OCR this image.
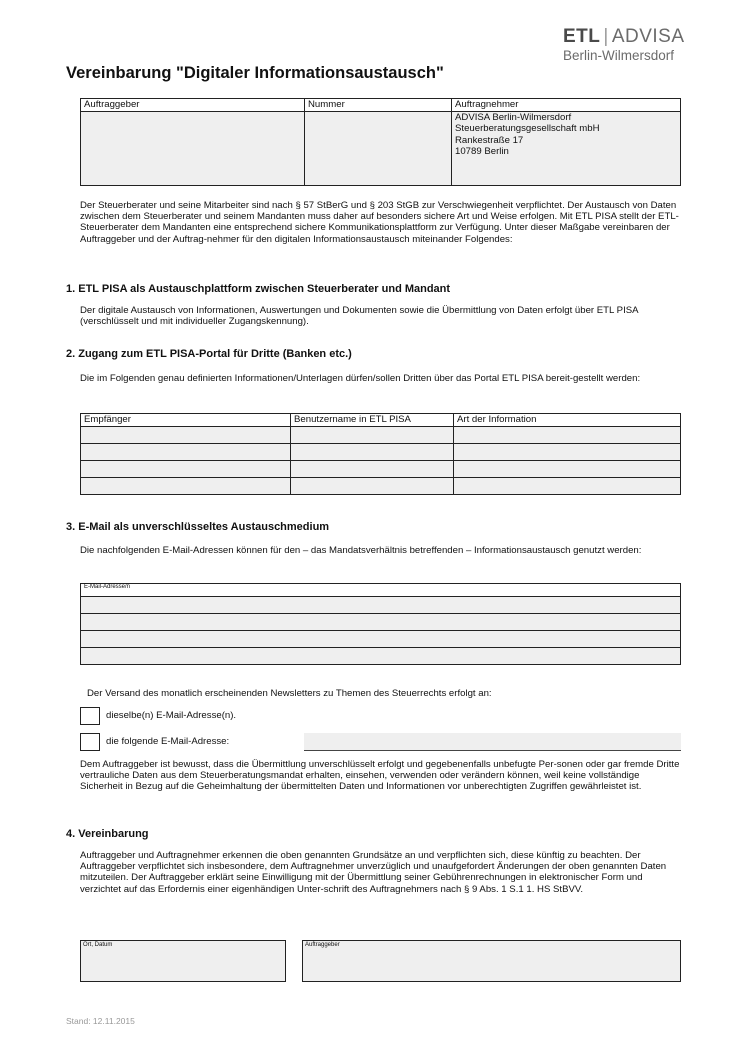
ETL | ADVISA
Berlin-Wilmersdorf
Vereinbarung "Digitaler Informationsaustausch"
Auftraggeber	Nummer	Auftragnehmer

		ADVISA Berlin-Wilmersdorf
Steuerberatungsgesellschaft mbH
Rankestraße 17
10789 Berlin

Der Steuerberater und seine Mitarbeiter sind nach § 57 StBerG und § 203 StGB zur Verschwiegenheit verpflichtet. Der Austausch von Daten zwischen dem Steuerberater und seinem Mandanten muss daher auf besonders sichere Art und Weise erfolgen. Mit ETL PISA stellt der ETL-Steuerberater dem Mandanten eine entsprechend sichere Kommunikationsplattform zur Verfügung. Unter dieser Maßgabe vereinbaren der Auftraggeber und der Auftrag-nehmer für den digitalen Informationsaustausch miteinander Folgendes:

1. ETL PISA als Austauschplattform zwischen Steuerberater und Mandant

Der digitale Austausch von Informationen, Auswertungen und Dokumenten sowie die Übermittlung von Daten erfolgt über ETL PISA (verschlüsselt und mit individueller Zugangskennung).

2. Zugang zum ETL PISA-Portal für Dritte (Banken etc.)

Die im Folgenden genau definierten Informationen/Unterlagen dürfen/sollen Dritten über das Portal ETL PISA bereit-gestellt werden:

Empfänger	Benutzername in ETL PISA	Art der Information

3. E-Mail als unverschlüsseltes Austauschmedium

Die nachfolgenden E-Mail-Adressen können für den – das Mandatsverhältnis betreffenden – Informationsaustausch genutzt werden:

E-Mail-Adresse/n

Der Versand des monatlich erscheinenden Newsletters zu Themen des Steuerrechts erfolgt an:

dieselbe(n) E-Mail-Adresse(n).
die folgende E-Mail-Adresse:

Dem Auftraggeber ist bewusst, dass die Übermittlung unverschlüsselt erfolgt und gegebenenfalls unbefugte Per-sonen oder gar fremde Dritte vertrauliche Daten aus dem Steuerberatungsmandat erhalten, einsehen, verwenden oder verändern können, weil keine vollständige Sicherheit in Bezug auf die Geheimhaltung der übermittelten Daten und Informationen vor unberechtigten Zugriffen gewährleistet ist.

4. Vereinbarung

Auftraggeber und Auftragnehmer erkennen die oben genannten Grundsätze an und verpflichten sich, diese künftig zu beachten. Der Auftraggeber verpflichtet sich insbesondere, dem Auftragnehmer unverzüglich und unaufgefordert Änderungen der oben genannten Daten mitzuteilen. Der Auftraggeber erklärt seine Einwilligung mit der Übermittlung seiner Gebührenrechnungen in elektronischer Form und verzichtet auf das Erfordernis einer eigenhändigen Unter-schrift des Auftragnehmers nach § 9 Abs. 1 S.1 1. HS StBVV.

Ort, Datum	Auftraggeber
Stand: 12.11.2015
